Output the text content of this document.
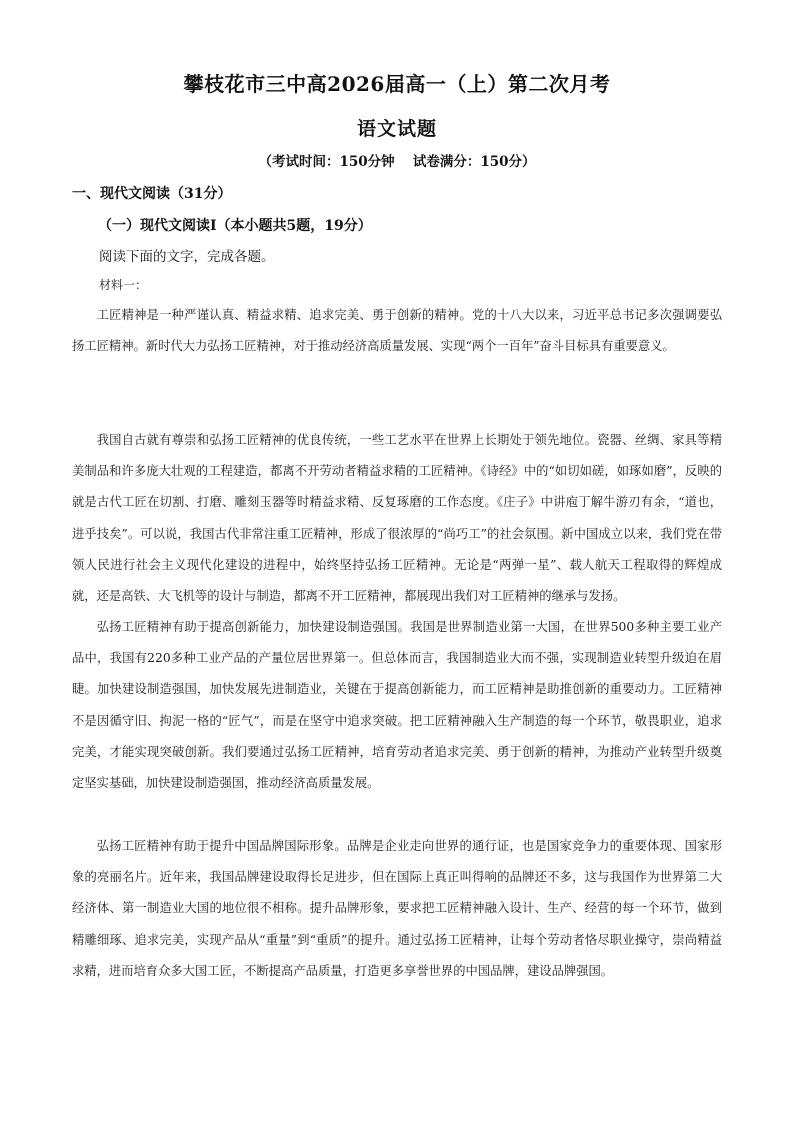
攀枝花市三中高2026届高一（上）第二次月考
语文试题
（考试时间：150分钟　 试卷满分：150分）
一、现代文阅读（31分）
（一）现代文阅读Ⅰ（本小题共5题，19分）
阅读下面的文字，完成各题。
材料一：

工匠精神是一种严谨认真、精益求精、追求完美、勇于创新的精神。党的十八大以来，习近平总书记多次强调要弘扬工匠精神。新时代大力弘扬工匠精神，对于推动经济高质量发展、实现“两个一百年”奋斗目标具有重要意义。

我国自古就有尊崇和弘扬工匠精神的优良传统，一些工艺水平在世界上长期处于领先地位。瓷器、丝绸、家具等精美制品和许多庞大壮观的工程建造，都离不开劳动者精益求精的工匠精神。《诗经》中的“如切如磋，如琢如磨”，反映的就是古代工匠在切割、打磨、雕刻玉器等时精益求精、反复琢磨的工作态度。《庄子》中讲庖丁解牛游刃有余，“道也，进乎技矣”。可以说，我国古代非常注重工匠精神，形成了很浓厚的“尚巧工”的社会氛围。新中国成立以来，我们党在带领人民进行社会主义现代化建设的进程中，始终坚持弘扬工匠精神。无论是“两弹一星”、载人航天工程取得的辉煌成就，还是高铁、大飞机等的设计与制造，都离不开工匠精神，都展现出我们对工匠精神的继承与发扬。

弘扬工匠精神有助于提高创新能力，加快建设制造强国。我国是世界制造业第一大国，在世界500多种主要工业产品中，我国有220多种工业产品的产量位居世界第一。但总体而言，我国制造业大而不强，实现制造业转型升级迫在眉睫。加快建设制造强国，加快发展先进制造业，关键在于提高创新能力，而工匠精神是助推创新的重要动力。工匠精神不是因循守旧、拘泥一格的“匠气”，而是在坚守中追求突破。把工匠精神融入生产制造的每一个环节，敬畏职业，追求完美，才能实现突破创新。我们要通过弘扬工匠精神，培育劳动者追求完美、勇于创新的精神，为推动产业转型升级奠定坚实基础，加快建设制造强国，推动经济高质量发展。

弘扬工匠精神有助于提升中国品牌国际形象。品牌是企业走向世界的通行证，也是国家竞争力的重要体现、国家形象的亮丽名片。近年来，我国品牌建设取得长足进步，但在国际上真正叫得响的品牌还不多，这与我国作为世界第二大经济体、第一制造业大国的地位很不相称。提升品牌形象，要求把工匠精神融入设计、生产、经营的每一个环节，做到精雕细琢、追求完美，实现产品从“重量”到“重质”的提升。通过弘扬工匠精神，让每个劳动者恪尽职业操守，崇尚精益求精，进而培育众多大国工匠，不断提高产品质量，打造更多享誉世界的中国品牌，建设品牌强国。
